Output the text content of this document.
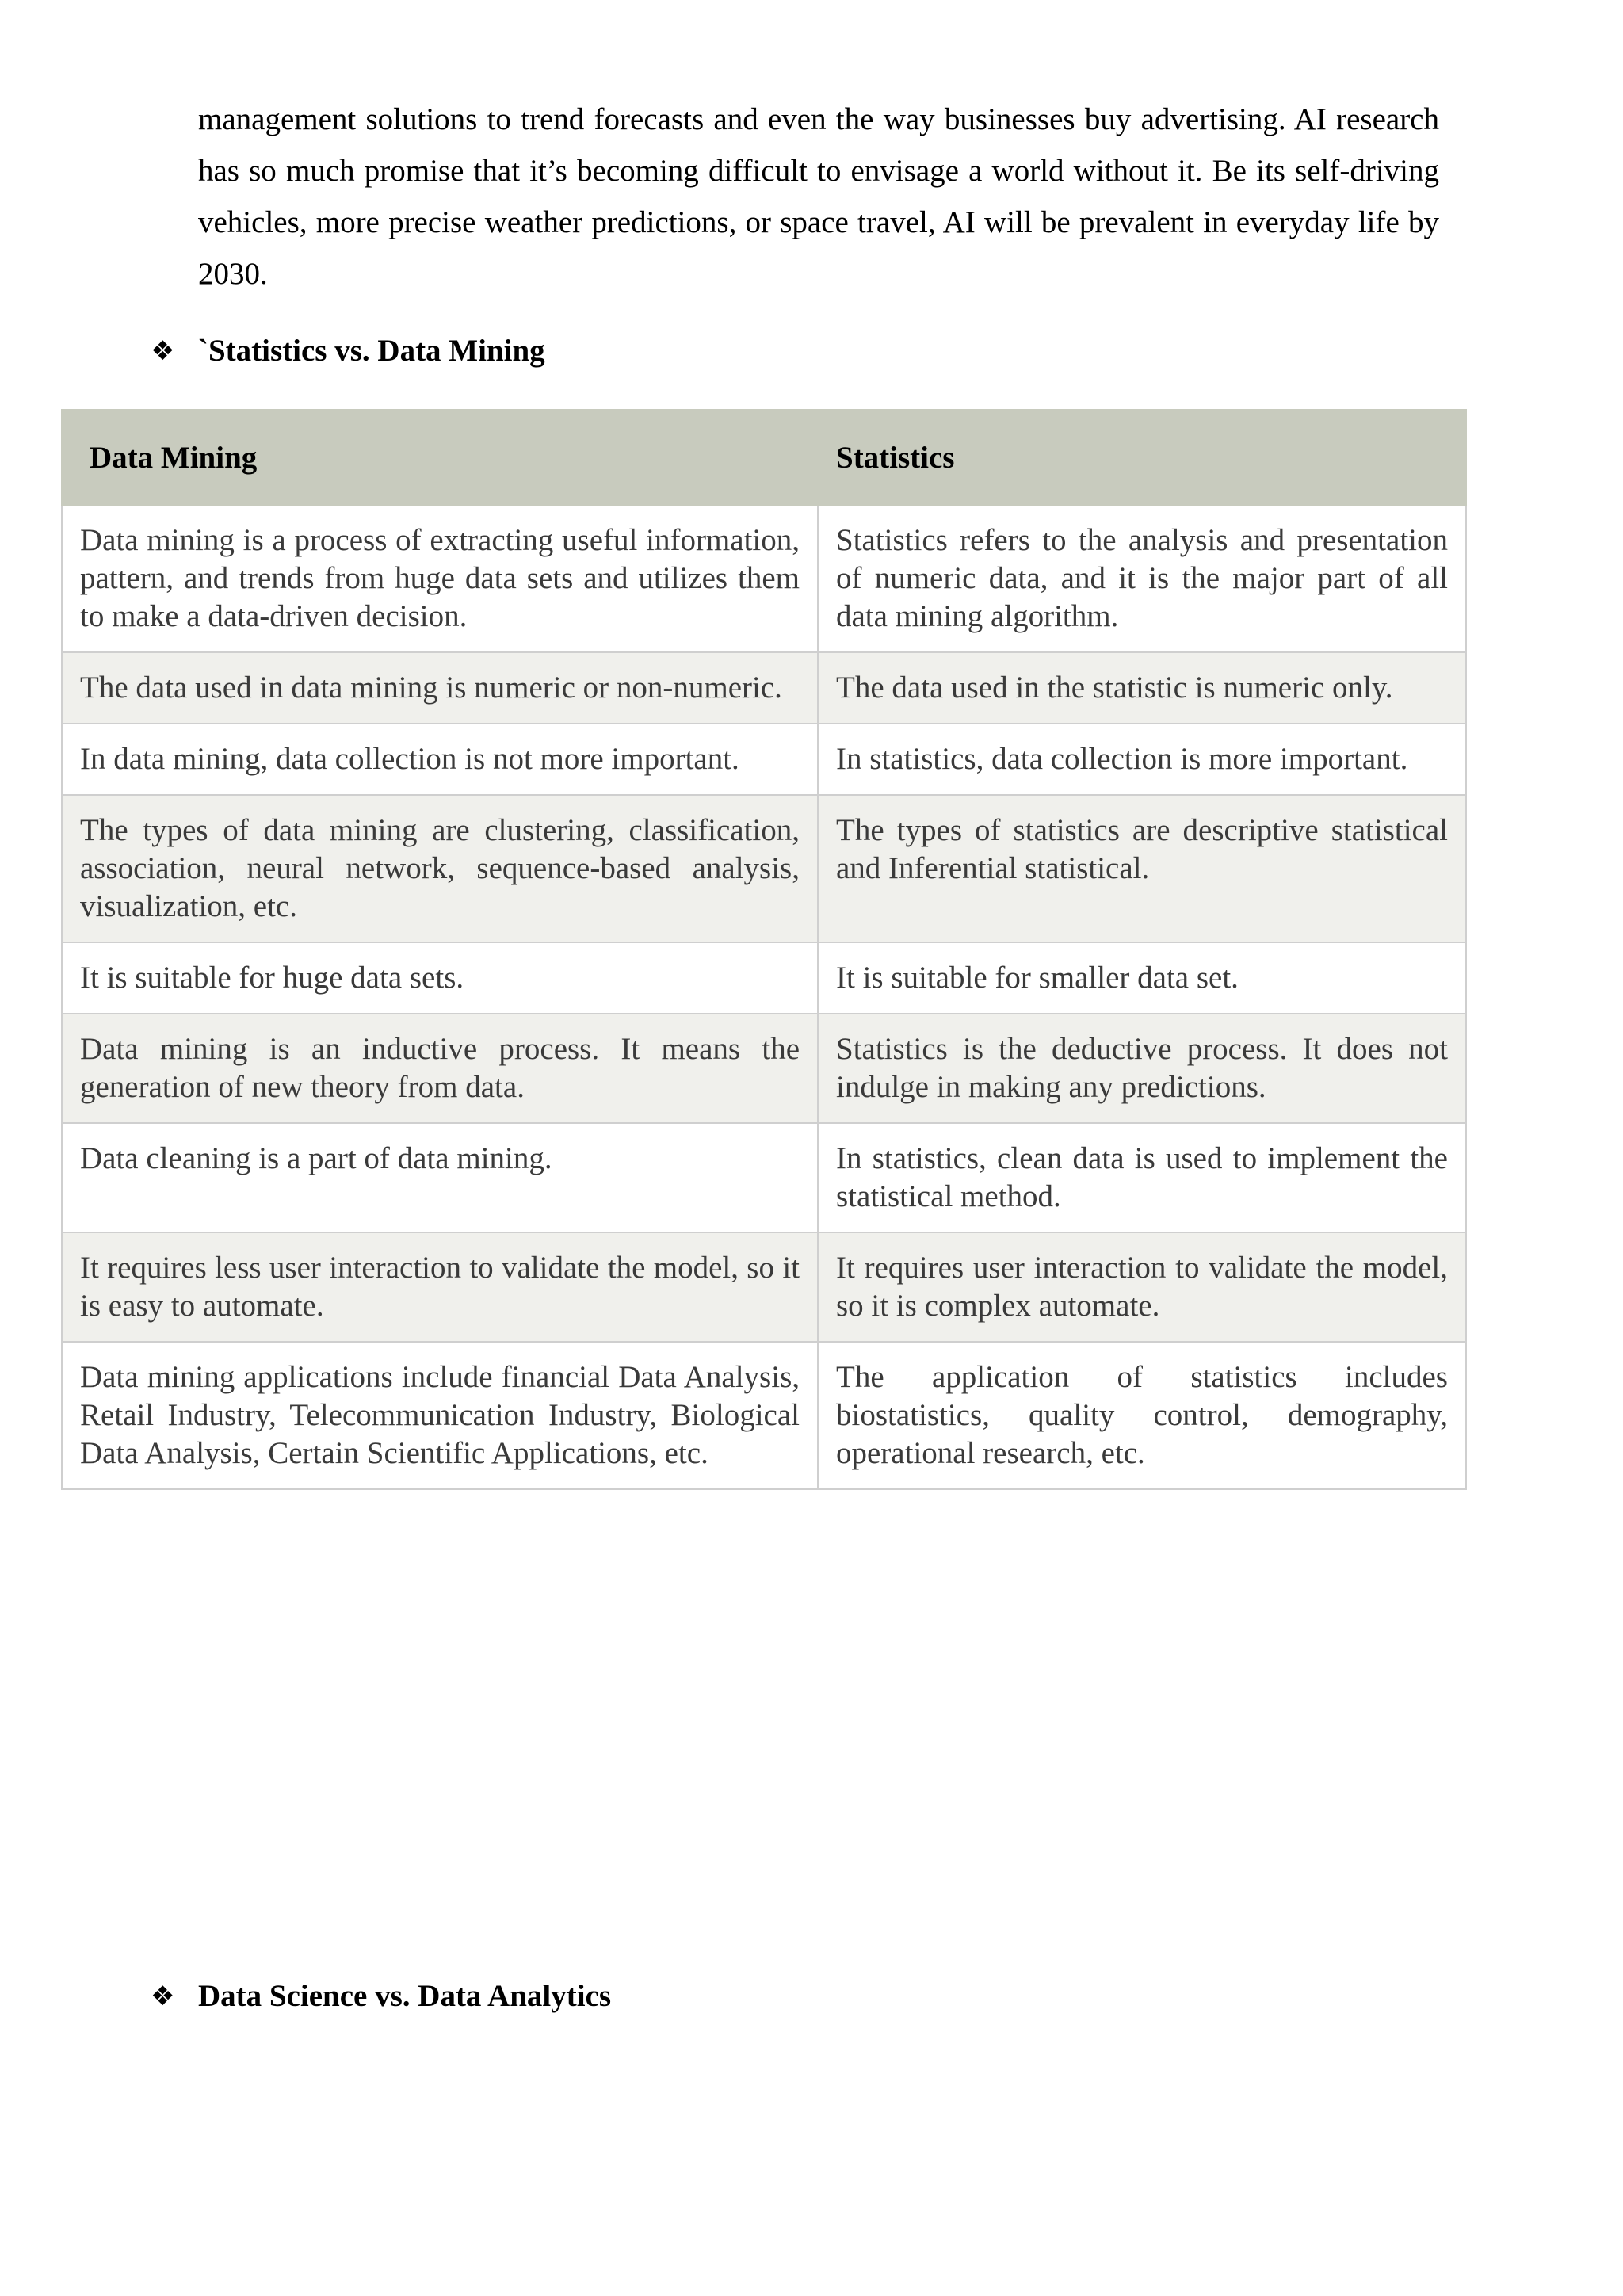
management solutions to trend forecasts and even the way businesses buy advertising. AI research has so much promise that it’s becoming difficult to envisage a world without it. Be its self-driving vehicles, more precise weather predictions, or space travel, AI will be prevalent in everyday life by 2030.

❖ `Statistics vs. Data Mining
Data Mining	Statistics
Data mining is a process of extracting useful information, pattern, and trends from huge data sets and utilizes them to make a data-driven decision.	Statistics refers to the analysis and presentation of numeric data, and it is the major part of all data mining algorithm.
The data used in data mining is numeric or non-numeric.	The data used in the statistic is numeric only.
In data mining, data collection is not more important.	In statistics, data collection is more important.
The types of data mining are clustering, classification, association, neural network, sequence-based analysis, visualization, etc.	The types of statistics are descriptive statistical and Inferential statistical.
It is suitable for huge data sets.	It is suitable for smaller data set.
Data mining is an inductive process. It means the generation of new theory from data.	Statistics is the deductive process. It does not indulge in making any predictions.
Data cleaning is a part of data mining.	In statistics, clean data is used to implement the statistical method.
It requires less user interaction to validate the model, so it is easy to automate.	It requires user interaction to validate the model, so it is complex automate.
Data mining applications include financial Data Analysis, Retail Industry, Telecommunication Industry, Biological Data Analysis, Certain Scientific Applications, etc.	The application of statistics includes biostatistics, quality control, demography, operational research, etc.
❖ Data Science vs. Data Analytics
